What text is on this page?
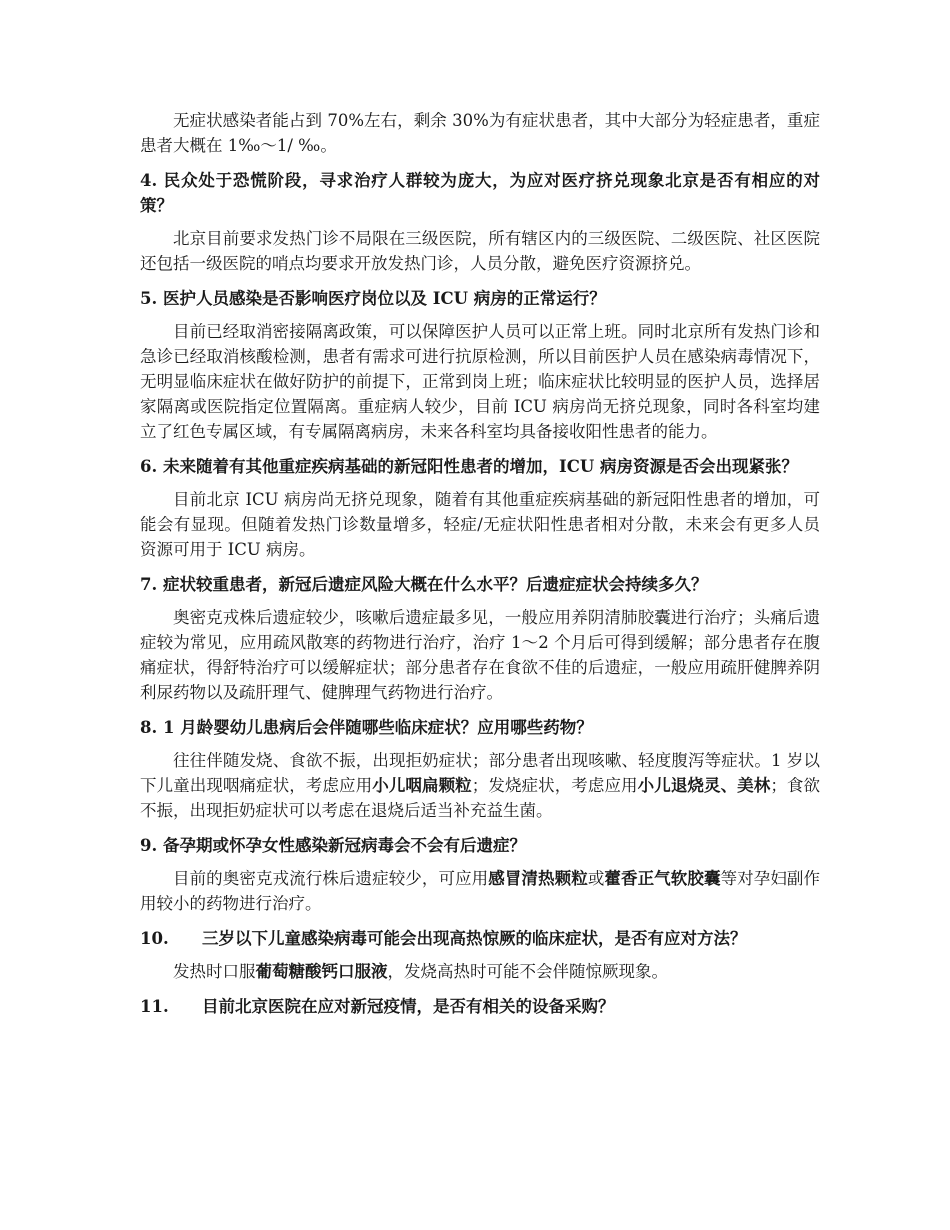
无症状感染者能占到 70%左右，剩余 30%为有症状患者，其中大部分为轻症患者，重症患者大概在 1‰～1/ ‰。

4. 民众处于恐慌阶段，寻求治疗人群较为庞大，为应对医疗挤兑现象北京是否有相应的对策？

北京目前要求发热门诊不局限在三级医院，所有辖区内的三级医院、二级医院、社区医院还包括一级医院的哨点均要求开放发热门诊，人员分散，避免医疗资源挤兑。

5. 医护人员感染是否影响医疗岗位以及 ICU 病房的正常运行？

目前已经取消密接隔离政策，可以保障医护人员可以正常上班。同时北京所有发热门诊和急诊已经取消核酸检测，患者有需求可进行抗原检测，所以目前医护人员在感染病毒情况下，无明显临床症状在做好防护的前提下，正常到岗上班；临床症状比较明显的医护人员，选择居家隔离或医院指定位置隔离。重症病人较少，目前 ICU 病房尚无挤兑现象，同时各科室均建立了红色专属区域，有专属隔离病房，未来各科室均具备接收阳性患者的能力。

6. 未来随着有其他重症疾病基础的新冠阳性患者的增加，ICU 病房资源是否会出现紧张？

目前北京 ICU 病房尚无挤兑现象，随着有其他重症疾病基础的新冠阳性患者的增加，可能会有显现。但随着发热门诊数量增多，轻症/无症状阳性患者相对分散，未来会有更多人员资源可用于 ICU 病房。

7. 症状较重患者，新冠后遗症风险大概在什么水平？后遗症症状会持续多久？

奥密克戎株后遗症较少，咳嗽后遗症最多见，一般应用养阴清肺胶囊进行治疗；头痛后遗症较为常见，应用疏风散寒的药物进行治疗，治疗 1～2 个月后可得到缓解；部分患者存在腹痛症状，得舒特治疗可以缓解症状；部分患者存在食欲不佳的后遗症，一般应用疏肝健脾养阴利尿药物以及疏肝理气、健脾理气药物进行治疗。

8. 1 月龄婴幼儿患病后会伴随哪些临床症状？应用哪些药物？

往往伴随发烧、食欲不振，出现拒奶症状；部分患者出现咳嗽、轻度腹泻等症状。1 岁以下儿童出现咽痛症状，考虑应用小儿咽扁颗粒；发烧症状，考虑应用小儿退烧灵、美林；食欲不振，出现拒奶症状可以考虑在退烧后适当补充益生菌。

9. 备孕期或怀孕女性感染新冠病毒会不会有后遗症？

目前的奥密克戎流行株后遗症较少，可应用感冒清热颗粒或藿香正气软胶囊等对孕妇副作用较小的药物进行治疗。

10. 三岁以下儿童感染病毒可能会出现高热惊厥的临床症状，是否有应对方法？

发热时口服葡萄糖酸钙口服液，发烧高热时可能不会伴随惊厥现象。

11. 目前北京医院在应对新冠疫情，是否有相关的设备采购？
